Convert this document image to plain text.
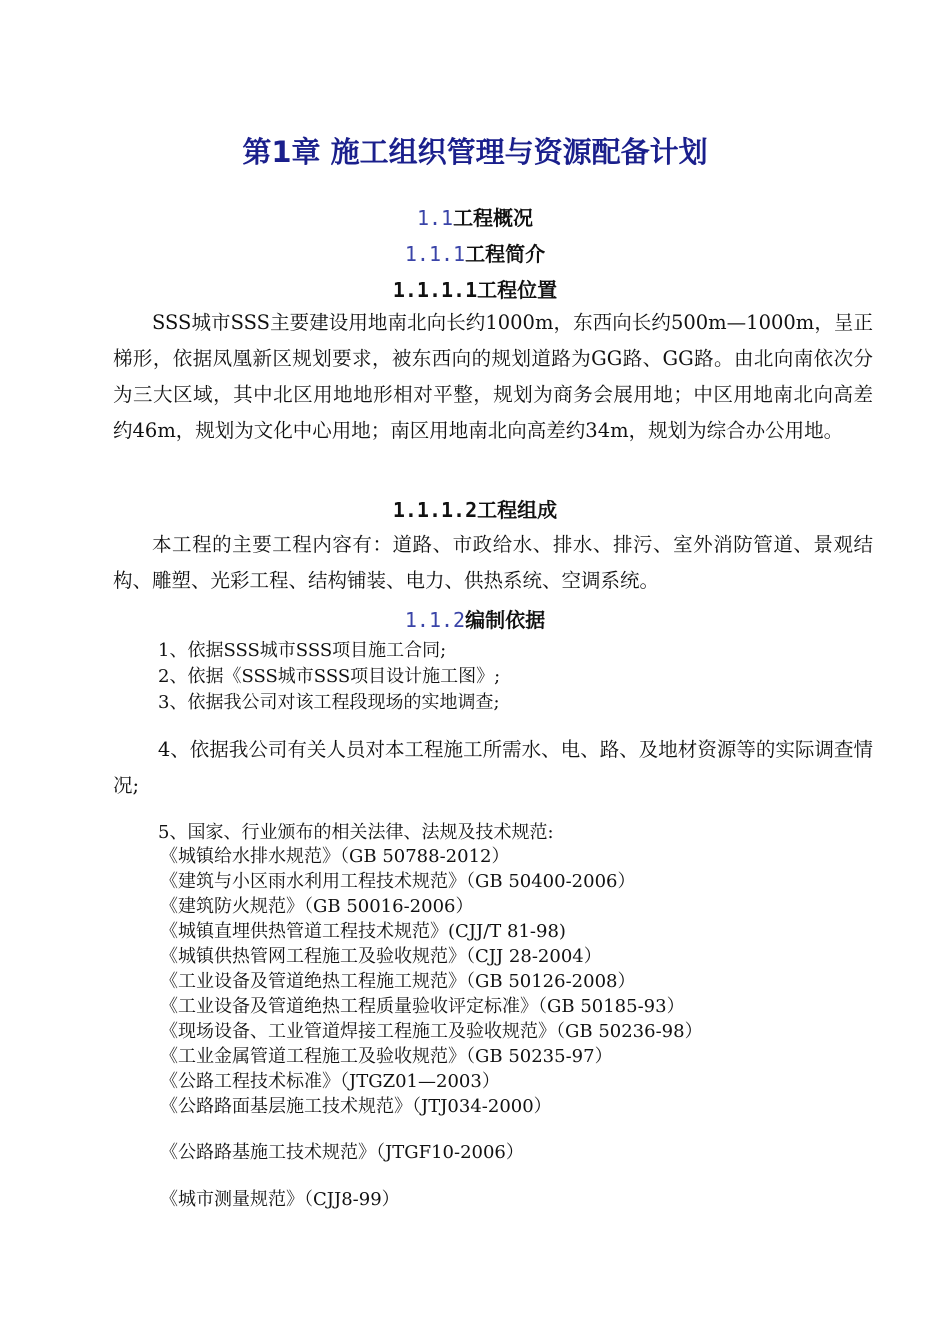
第1章 施工组织管理与资源配备计划
1.1工程概况
1.1.1工程简介
1.1.1.1工程位置

SSS城市SSS主要建设用地南北向长约1000m，东西向长约500m—1000m，呈正梯形，依据凤凰新区规划要求，被东西向的规划道路为GG路、GG路。由北向南依次分为三大区域，其中北区用地地形相对平整，规划为商务会展用地；中区用地南北向高差约46m，规划为文化中心用地；南区用地南北向高差约34m，规划为综合办公用地。

1.1.1.2工程组成

本工程的主要工程内容有：道路、市政给水、排水、排污、室外消防管道、景观结构、雕塑、光彩工程、结构铺装、电力、供热系统、空调系统。

1.1.2编制依据
1、依据SSS城市SSS项目施工合同;
2、依据《SSS城市SSS项目设计施工图》;
3、依据我公司对该工程段现场的实地调查;

4、依据我公司有关人员对本工程施工所需水、电、路、及地材资源等的实际调查情况;

5、国家、行业颁布的相关法律、法规及技术规范:
《城镇给水排水规范》（GB 50788-2012）
《建筑与小区雨水利用工程技术规范》（GB 50400-2006）
《建筑防火规范》（GB 50016-2006）
《城镇直埋供热管道工程技术规范》(CJJ/T 81-98)
《城镇供热管网工程施工及验收规范》（CJJ 28-2004）
《工业设备及管道绝热工程施工规范》（GB 50126-2008）
《工业设备及管道绝热工程质量验收评定标准》（GB 50185-93）
《现场设备、工业管道焊接工程施工及验收规范》（GB 50236-98）
《工业金属管道工程施工及验收规范》（GB 50235-97）
《公路工程技术标准》（JTGZ01—2003）
《公路路面基层施工技术规范》（JTJ034-2000）
《公路路基施工技术规范》（JTGF10-2006）
《城市测量规范》（CJJ8-99）
